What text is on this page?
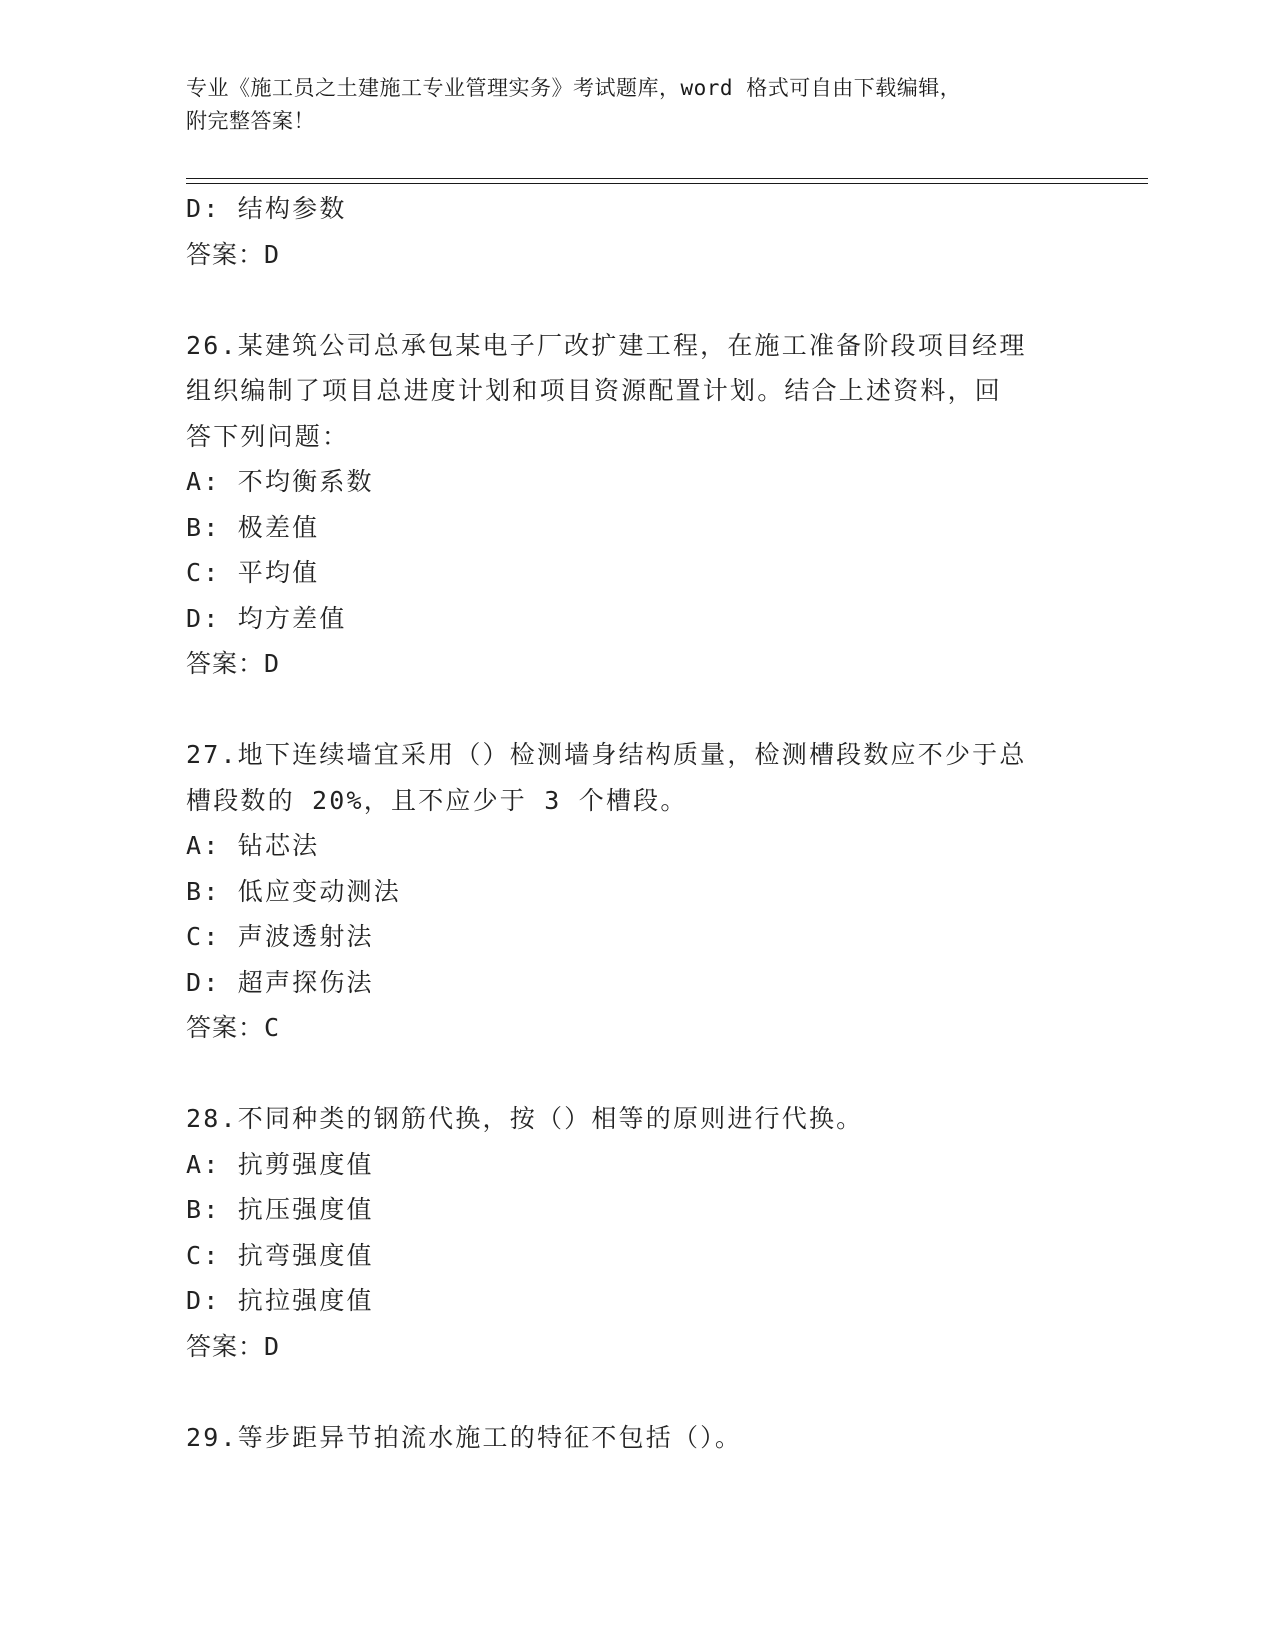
专业《施工员之土建施工专业管理实务》考试题库，word 格式可自由下载编辑，
附完整答案！
D: 结构参数
答案：D
26.某建筑公司总承包某电子厂改扩建工程，在施工准备阶段项目经理
组织编制了项目总进度计划和项目资源配置计划。结合上述资料，回
答下列问题：
A: 不均衡系数
B: 极差值
C: 平均值
D: 均方差值
答案：D
27.地下连续墙宜采用（）检测墙身结构质量，检测槽段数应不少于总
槽段数的 20%，且不应少于 3 个槽段。
A: 钻芯法
B: 低应变动测法
C: 声波透射法
D: 超声探伤法
答案：C
28.不同种类的钢筋代换，按（）相等的原则进行代换。
A: 抗剪强度值
B: 抗压强度值
C: 抗弯强度值
D: 抗拉强度值
答案：D
29.等步距异节拍流水施工的特征不包括（）。
